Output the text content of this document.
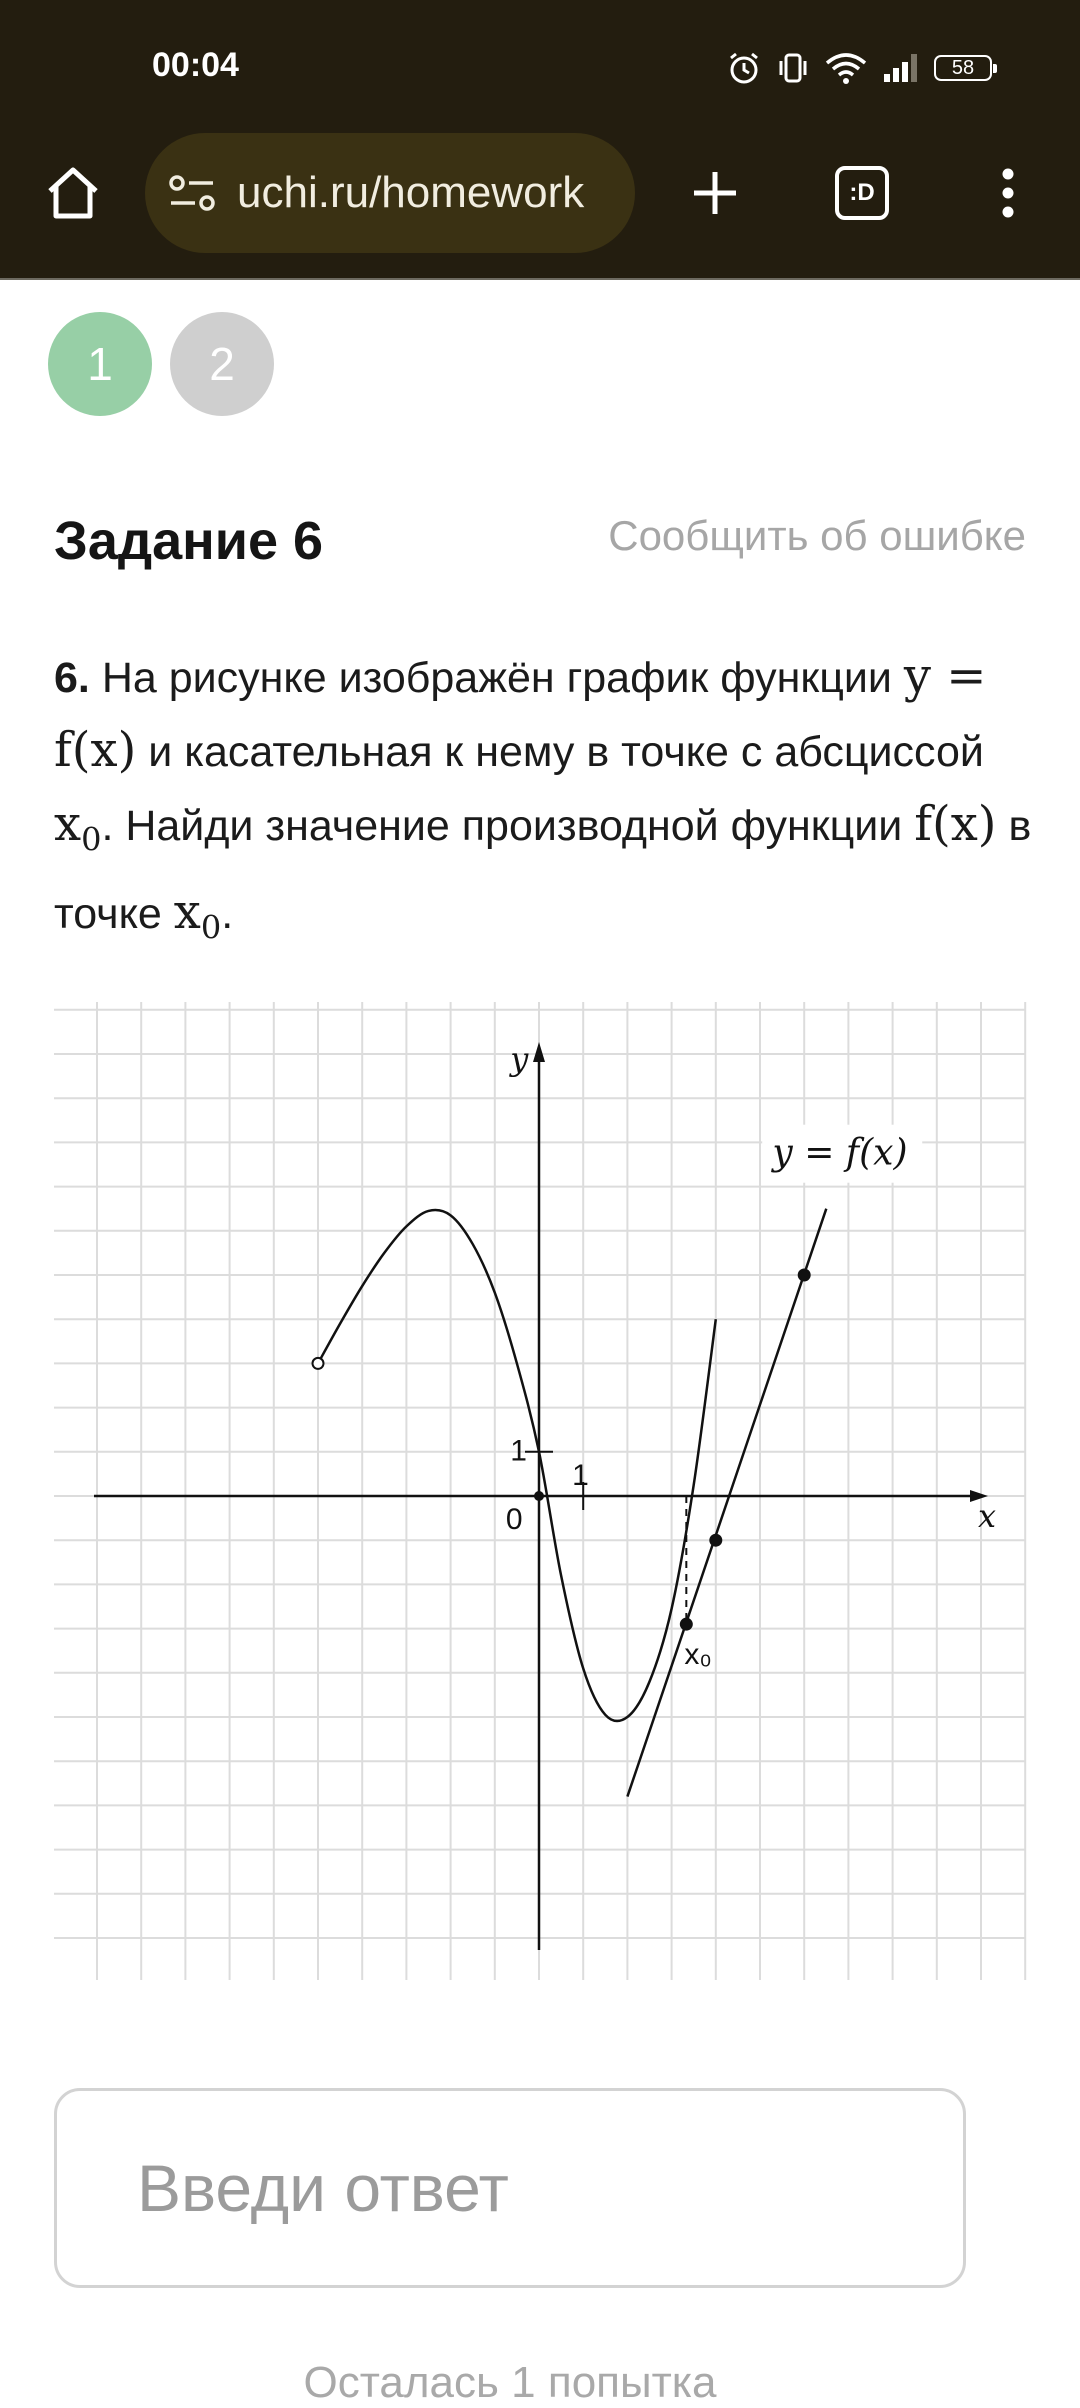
00:04	58
uchi.ru/homework	:D
1	2
Задание 6	Сообщить об ошибке
6. На рисунке изображён график функции y = f(x) и касательная к нему в точке с абсциссой $x_0$. Найди значение производной функции f(x) в точке $x_0$.
0
1
1
x
y
y = f(x)
x₀
Введи ответ
Осталась 1 попытка
